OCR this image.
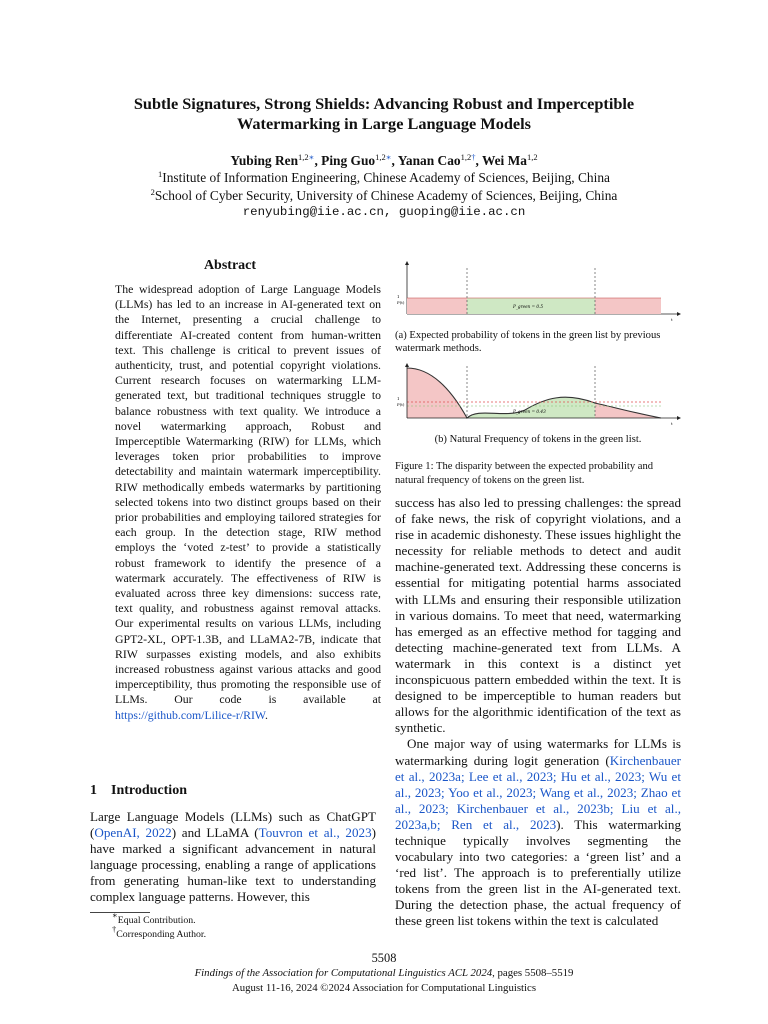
Subtle Signatures, Strong Shields: Advancing Robust and Imperceptible
Watermarking in Large Language Models
Yubing Ren$^{1,2∗}$, Ping Guo$^{1,2∗}$, Yanan Cao$^{1,2\dagger}$, Wei Ma$^{1,2}$
$^1$Institute of Information Engineering, Chinese Academy of Sciences, Beijing, China
$^2$School of Cyber Security, University of Chinese Academy of Sciences, Beijing, China
renyubing@iie.ac.cn, guoping@iie.ac.cn
Abstract

The widespread adoption of Large Language Models (LLMs) has led to an increase in AI-generated text on the Internet, presenting a crucial challenge to differentiate AI-created content from human-written text. This challenge is critical to prevent issues of authenticity, trust, and potential copyright violations. Current research focuses on watermarking LLM-generated text, but traditional techniques struggle to balance robustness with text quality. We introduce a novel watermarking approach, Robust and Imperceptible Watermarking (RIW) for LLMs, which leverages token prior probabilities to improve detectability and maintain watermark imperceptibility. RIW methodically embeds watermarks by partitioning selected tokens into two distinct groups based on their prior probabilities and employing tailored strategies for each group. In the detection stage, RIW method employs the ‘voted z-test’ to provide a statistically robust framework to identify the presence of a watermark accurately. The effectiveness of RIW is evaluated across three key dimensions: success rate, text quality, and robustness against removal attacks. Our experimental results on various LLMs, including GPT2-XL, OPT-1.3B, and LLaMA2-7B, indicate that RIW surpasses existing models, and also exhibits increased robustness against various attacks and good imperceptibility, thus promoting the responsible use of LLMs. Our code is available at https://github.com/Lilice-r/RIW.

1 Introduction

Large Language Models (LLMs) such as ChatGPT (OpenAI, 2022) and LLaMA (Touvron et al., 2023) have marked a significant advancement in natural language processing, enabling a range of applications from generating human-like text to understanding complex language patterns. However, this

∗Equal Contribution.
†Corresponding Author.
1
P(t)
t
P_green = 0.5
(a) Expected probability of tokens in the green list by previous watermark methods.
1
P(t)
t
P_green = 0.43
(b) Natural Frequency of tokens in the green list.
Figure 1: The disparity between the expected probability and natural frequency of tokens on the green list.

success has also led to pressing challenges: the spread of fake news, the risk of copyright violations, and a rise in academic dishonesty. These issues highlight the necessity for reliable methods to detect and audit machine-generated text. Addressing these concerns is essential for mitigating potential harms associated with LLMs and ensuring their responsible utilization in various domains. To meet that need, watermarking has emerged as an effective method for tagging and detecting machine-generated text from LLMs. A watermark in this context is a distinct yet inconspicuous pattern embedded within the text. It is designed to be imperceptible to human readers but allows for the algorithmic identification of the text as synthetic.

One major way of using watermarks for LLMs is watermarking during logit generation (Kirchenbauer et al., 2023a; Lee et al., 2023; Hu et al., 2023; Wu et al., 2023; Yoo et al., 2023; Wang et al., 2023; Zhao et al., 2023; Kirchenbauer et al., 2023b; Liu et al., 2023a,b; Ren et al., 2023). This watermarking technique typically involves segmenting the vocabulary into two categories: a ‘green list’ and a ‘red list’. The approach is to preferentially utilize tokens from the green list in the AI-generated text. During the detection phase, the actual frequency of these green list tokens within the text is calculated

5508
Findings of the Association for Computational Linguistics ACL 2024, pages 5508–5519
August 11-16, 2024 ©2024 Association for Computational Linguistics
